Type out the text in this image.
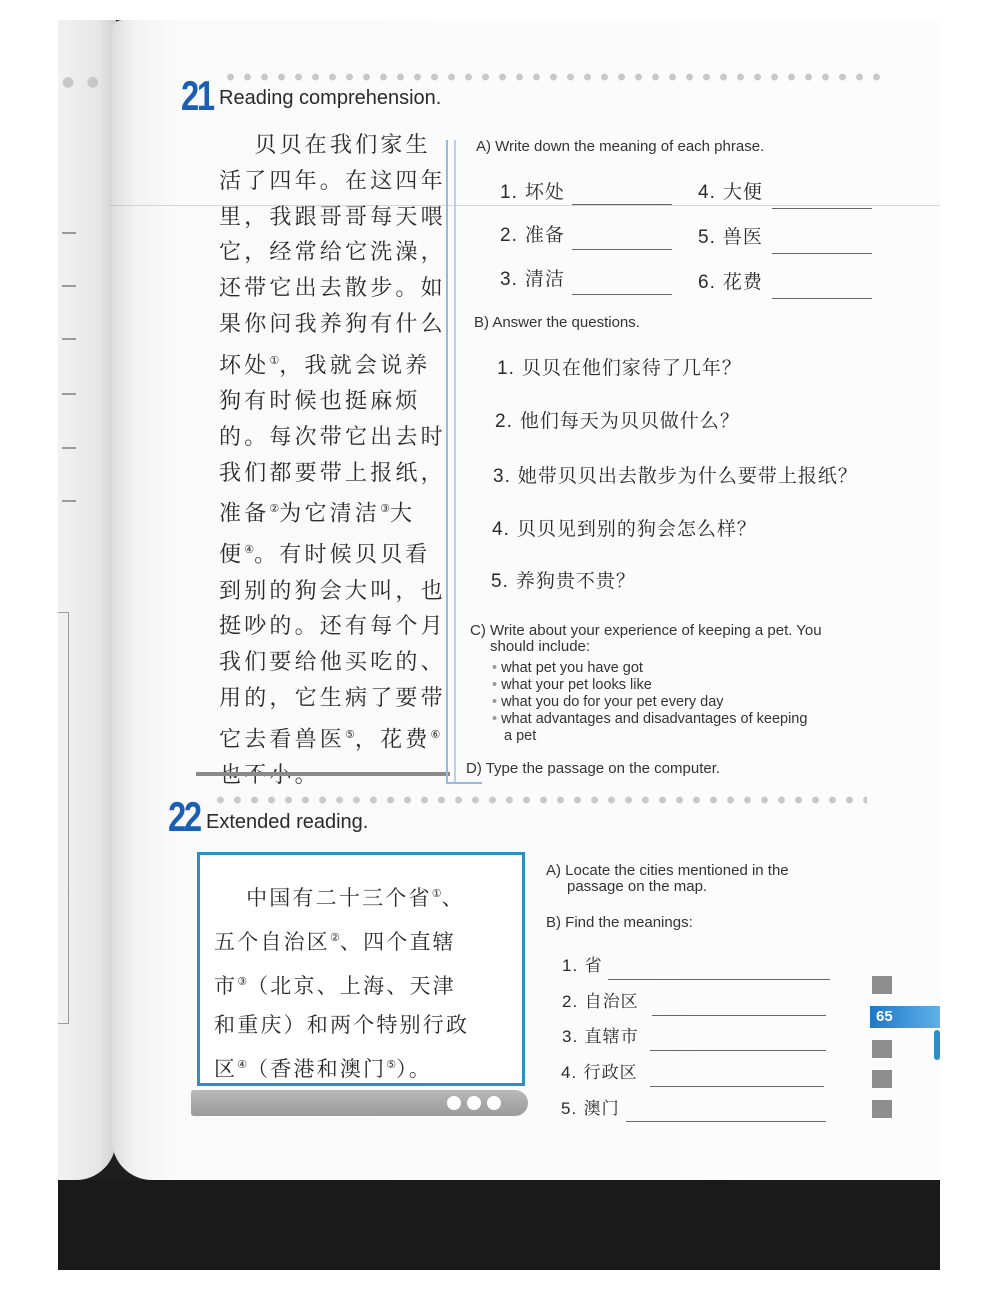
● ● 21 Reading comprehension.
　 贝贝在我们家生
活了四年。在这四年
里，我跟哥哥每天喂
它，经常给它洗澡，
还带它出去散步。如
果你问我养狗有什么
坏处①，我就会说养
狗有时候也挺麻烦
的。每次带它出去时
我们都要带上报纸，
准备②为它清洁③大
便④。有时候贝贝看
到别的狗会大叫，也
挺吵的。还有每个月
我们要给他买吃的、
用的，它生病了要带
它去看兽医⑤，花费⑥

A) Write down the meaning of each phrase.
1. 坏处
2. 准备
3. 清洁
4. 大便
5. 兽医
6. 花费
B) Answer the questions.
1. 贝贝在他们家待了几年？
2. 他们每天为贝贝做什么？
3. 她带贝贝出去散步为什么要带上报纸？
4. 贝贝见到别的狗会怎么样？
5. 养狗贵不贵？
C) Write about your experience of keeping a pet. You
should include:
• what pet you have got
• what your pet looks like
• what you do for your pet every day
• what advantages and disadvantages of keeping
a pet
D) Type the passage on the computer.
22 Extended reading.
　 中国有二十三个省①、
五个自治区②、四个直辖
市③（北京、上海、天津
和重庆）和两个特别行政
区④（香港和澳门⑤）。
A) Locate the cities mentioned in the
passage on the map.
B) Find the meanings:
1. 省
2. 自治区
3. 直辖市
4. 行政区
5. 澳门
65
